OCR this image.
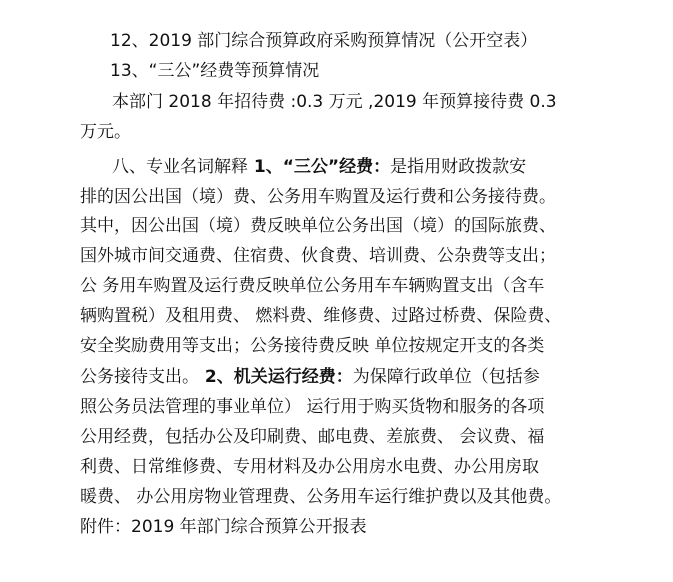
12、2019 部门综合预算政府采购预算情况（公开空表）
13、“三公”经费等预算情况
本部门 2018 年招待费 :0.3 万元 ,2019 年预算接待费 0.3
万元。
八、专业名词解释 1、“三公”经费：是指用财政拨款安
排的因公出国（境）费、公务用车购置及运行费和公务接待费。
其中，因公出国（境）费反映单位公务出国（境）的国际旅费、
国外城市间交通费、住宿费、伙食费、培训费、公杂费等支出；
公 务用车购置及运行费反映单位公务用车车辆购置支出（含车
辆购置税）及租用费、 燃料费、维修费、过路过桥费、保险费、
安全奖励费用等支出；公务接待费反映 单位按规定开支的各类
公务接待支出。 2、机关运行经费：为保障行政单位（包括参
照公务员法管理的事业单位） 运行用于购买货物和服务的各项
公用经费，包括办公及印刷费、邮电费、差旅费、 会议费、福
利费、日常维修费、专用材料及办公用房水电费、办公用房取
暖费、 办公用房物业管理费、公务用车运行维护费以及其他费。
附件：2019 年部门综合预算公开报表
